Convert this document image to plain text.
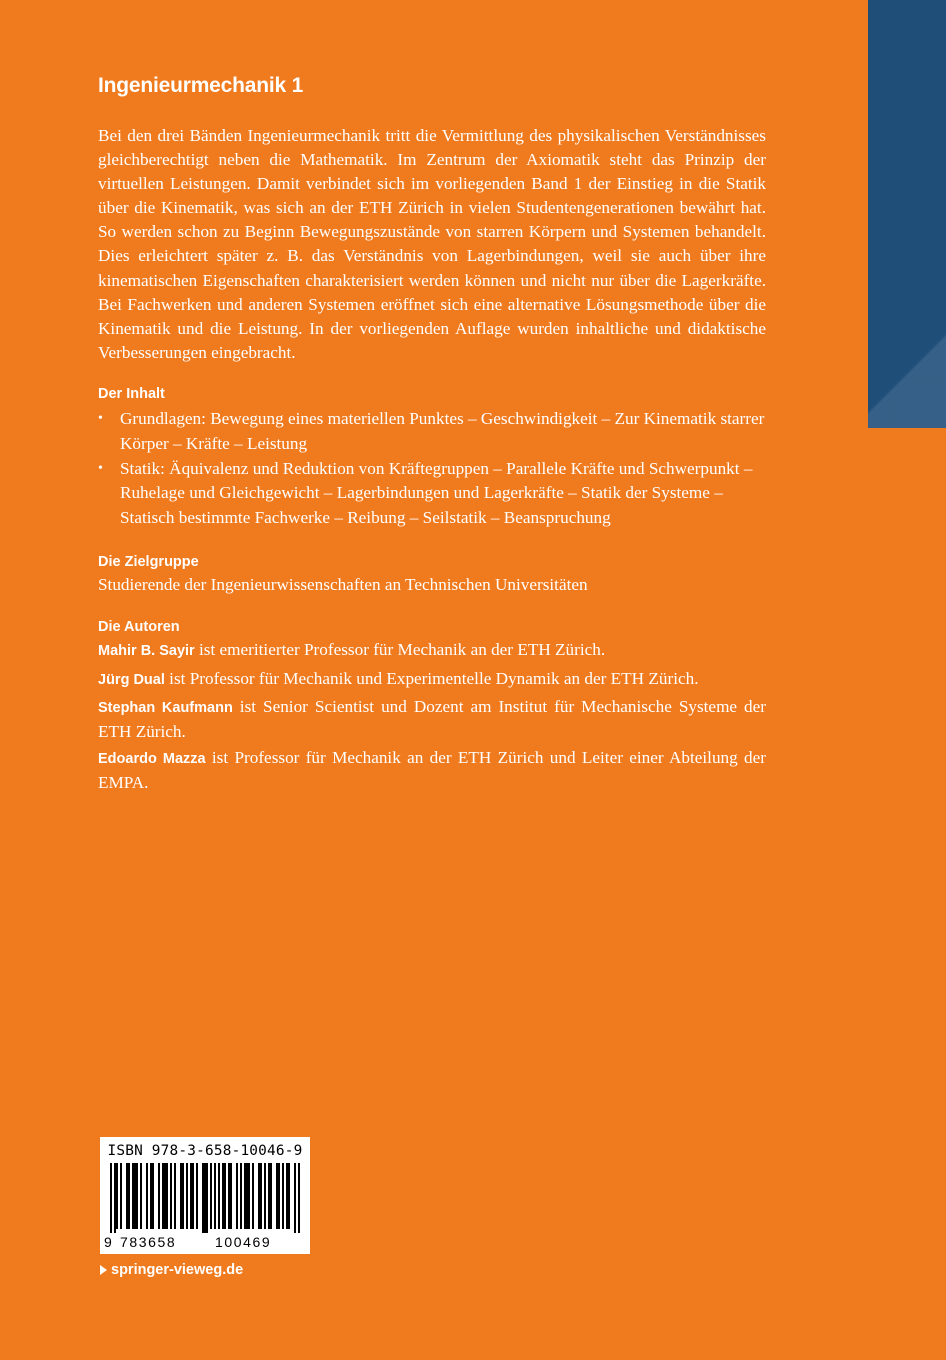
Ingenieurmechanik 1

Bei den drei Bänden Ingenieurmechanik tritt die Vermittlung des physikalischen Verständnisses gleichberechtigt neben die Mathematik. Im Zentrum der Axiomatik steht das Prinzip der virtuellen Leistungen. Damit verbindet sich im vorliegenden Band 1 der Einstieg in die Statik über die Kinematik, was sich an der ETH Zürich in vielen Studentengenerationen bewährt hat. So werden schon zu Beginn Bewegungszustände von starren Körpern und Systemen behandelt. Dies erleichtert später z. B. das Verständnis von Lagerbindungen, weil sie auch über ihre kinematischen Eigenschaften charakterisiert werden können und nicht nur über die Lagerkräfte. Bei Fachwerken und anderen Systemen eröffnet sich eine alternative Lösungsmethode über die Kinematik und die Leistung. In der vorliegenden Auflage wurden inhaltliche und didaktische Verbesserungen eingebracht.

Der Inhalt
• Grundlagen: Bewegung eines materiellen Punktes – Geschwindigkeit – Zur Kinematik starrer Körper – Kräfte – Leistung
• Statik: Äquivalenz und Reduktion von Kräftegruppen – Parallele Kräfte und Schwerpunkt – Ruhelage und Gleichgewicht – Lagerbindungen und Lagerkräfte – Statik der Systeme – Statisch bestimmte Fachwerke – Reibung – Seilstatik – Beanspruchung
Die Zielgruppe

Studierende der Ingenieurwissenschaften an Technischen Universitäten

Die Autoren

Mahir B. Sayir ist emeritierter Professor für Mechanik an der ETH Zürich.

Jürg Dual ist Professor für Mechanik und Experimentelle Dynamik an der ETH Zürich.

Stephan Kaufmann ist Senior Scientist und Dozent am Institut für Mechanische Systeme der ETH Zürich.

Edoardo Mazza ist Professor für Mechanik an der ETH Zürich und Leiter einer Abteilung der EMPA.

ISBN 978-3-658-10046-9
9 783658	100469
springer-vieweg.de
